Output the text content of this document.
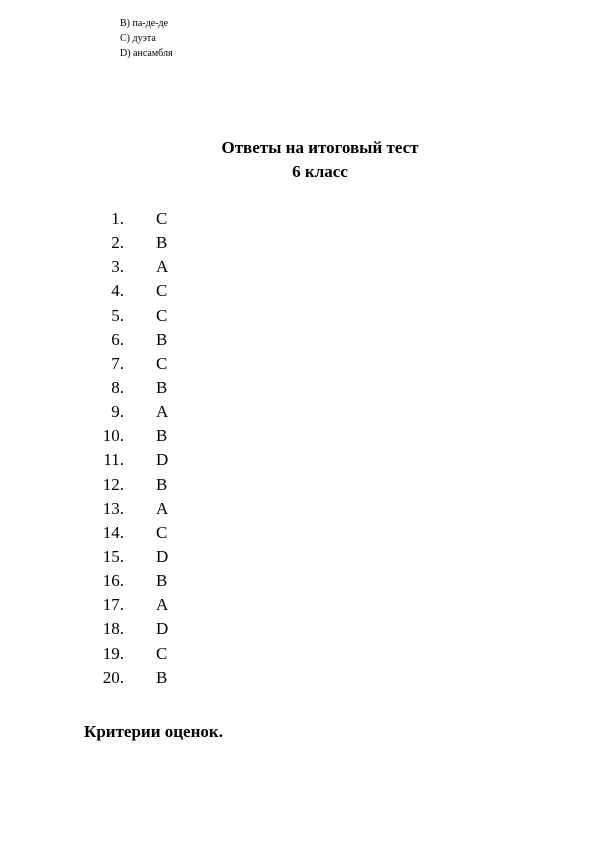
B) па-де-де
C) дуэта
D) ансамбля
Ответы на итоговый тест
6 класс
1. C
2. B
3. A
4. C
5. C
6. B
7. C
8. B
9. A
10. B
11. D
12. B
13. A
14. C
15. D
16. B
17. A
18. D
19. C
20. B
Критерии оценок.
